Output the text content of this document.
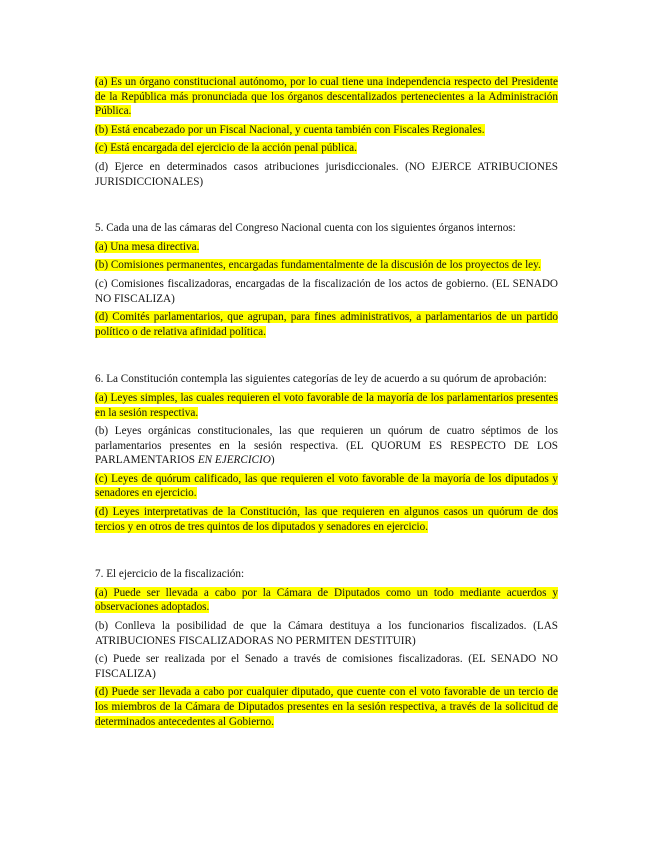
(a) Es un órgano constitucional autónomo, por lo cual tiene una independencia respecto del Presidente de la República más pronunciada que los órganos descentalizados pertenecientes a la Administración Pública.

(b) Está encabezado por un Fiscal Nacional, y cuenta también con Fiscales Regionales.

(c) Está encargada del ejercicio de la acción penal pública.

(d) Ejerce en determinados casos atribuciones jurisdiccionales. (NO EJERCE ATRIBUCIONES JURISDICCIONALES)

5. Cada una de las cámaras del Congreso Nacional cuenta con los siguientes órganos internos:

(a) Una mesa directiva.

(b) Comisiones permanentes, encargadas fundamentalmente de la discusión de los proyectos de ley.

(c) Comisiones fiscalizadoras, encargadas de la fiscalización de los actos de gobierno. (EL SENADO NO FISCALIZA)

(d) Comités parlamentarios, que agrupan, para fines administrativos, a parlamentarios de un partido político o de relativa afinidad política.

6. La Constitución contempla las siguientes categorías de ley de acuerdo a su quórum de aprobación:

(a) Leyes simples, las cuales requieren el voto favorable de la mayoría de los parlamentarios presentes en la sesión respectiva.

(b) Leyes orgánicas constitucionales, las que requieren un quórum de cuatro séptimos de los parlamentarios presentes en la sesión respectiva. (EL QUORUM ES RESPECTO DE LOS PARLAMENTARIOS EN EJERCICIO)

(c) Leyes de quórum calificado, las que requieren el voto favorable de la mayoría de los diputados y senadores en ejercicio.

(d) Leyes interpretativas de la Constitución, las que requieren en algunos casos un quórum de dos tercios y en otros de tres quintos de los diputados y senadores en ejercicio.

7. El ejercicio de la fiscalización:

(a) Puede ser llevada a cabo por la Cámara de Diputados como un todo mediante acuerdos y observaciones adoptados.

(b) Conlleva la posibilidad de que la Cámara destituya a los funcionarios fiscalizados. (LAS ATRIBUCIONES FISCALIZADORAS NO PERMITEN DESTITUIR)

(c) Puede ser realizada por el Senado a través de comisiones fiscalizadoras. (EL SENADO NO FISCALIZA)

(d) Puede ser llevada a cabo por cualquier diputado, que cuente con el voto favorable de un tercio de los miembros de la Cámara de Diputados presentes en la sesión respectiva, a través de la solicitud de determinados antecedentes al Gobierno.
